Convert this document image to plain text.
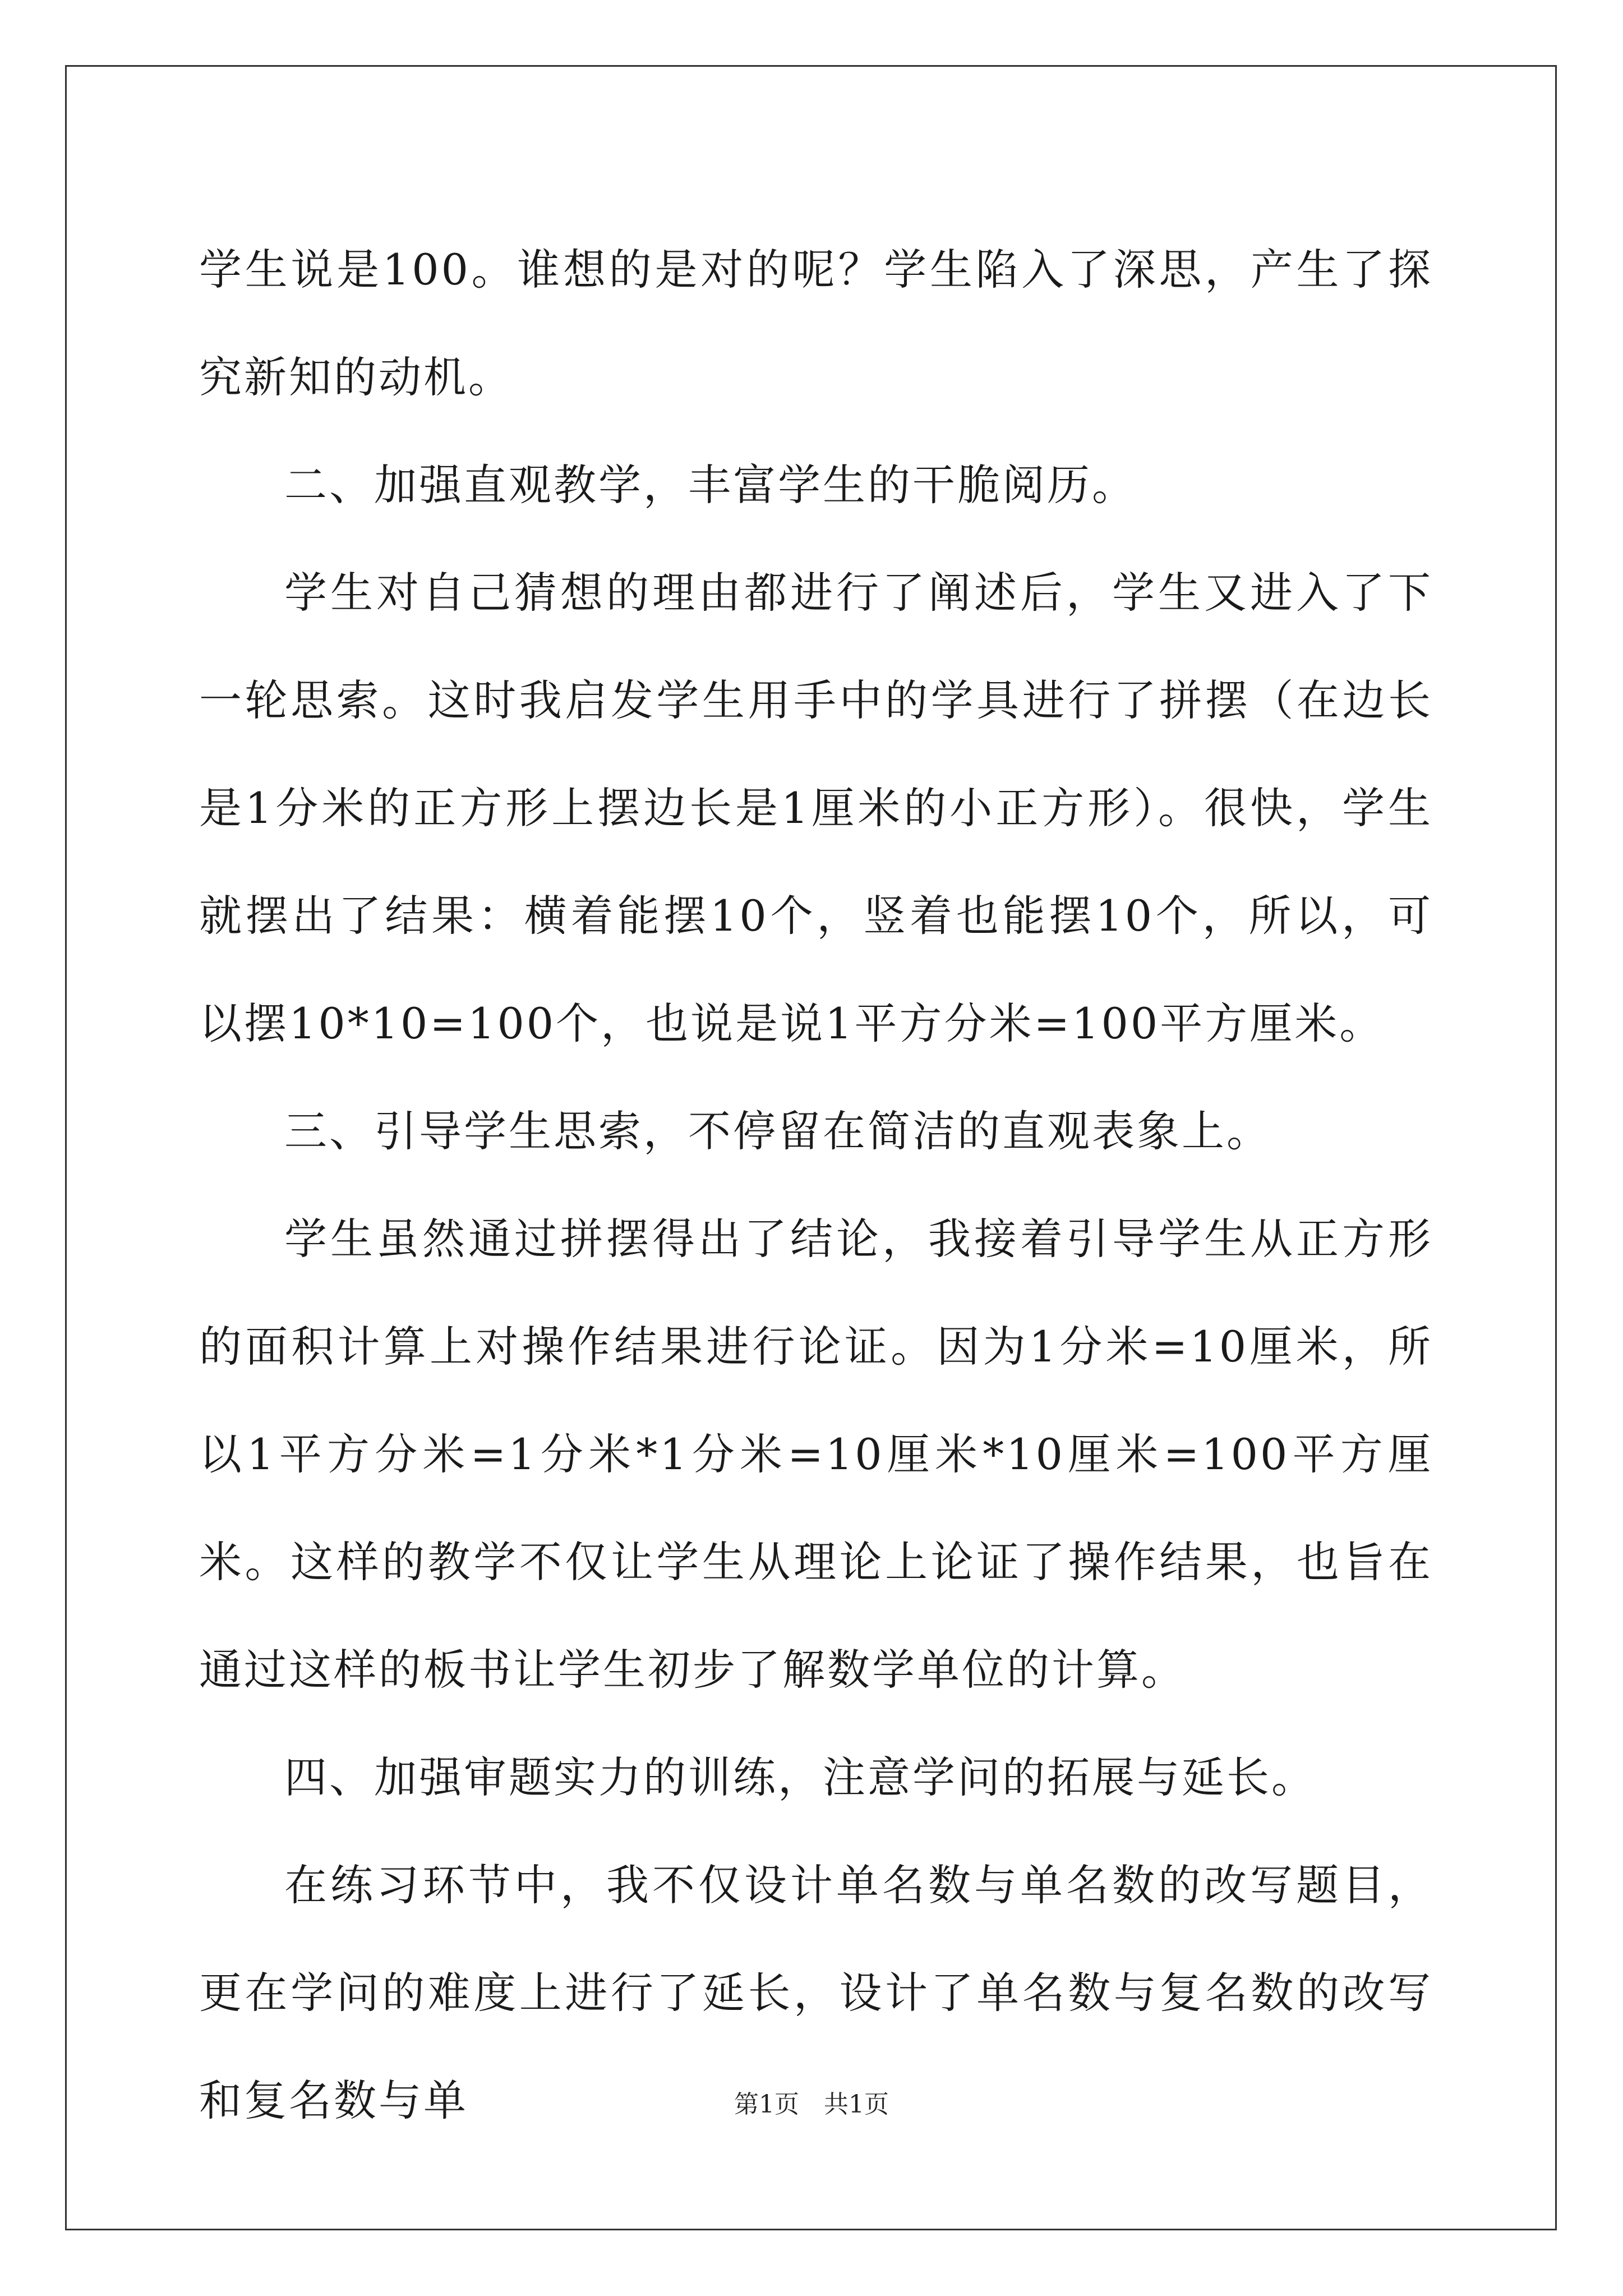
学生说是100。谁想的是对的呢？学生陷入了深思，产生了探究新知的动机。

二、加强直观教学，丰富学生的干脆阅历。

学生对自己猜想的理由都进行了阐述后，学生又进入了下一轮思索。这时我启发学生用手中的学具进行了拼摆（在边长是1分米的正方形上摆边长是1厘米的小正方形）。很快，学生就摆出了结果：横着能摆10个，竖着也能摆10个，所以，可以摆10*10=100个，也说是说1平方分米=100平方厘米。

三、引导学生思索，不停留在简洁的直观表象上。

学生虽然通过拼摆得出了结论，我接着引导学生从正方形的面积计算上对操作结果进行论证。因为1分米=10厘米，所以1平方分米=1分米*1分米=10厘米*10厘米=100平方厘米。这样的教学不仅让学生从理论上论证了操作结果，也旨在通过这样的板书让学生初步了解数学单位的计算。

四、加强审题实力的训练，注意学问的拓展与延长。

在练习环节中，我不仅设计单名数与单名数的改写题目，更在学问的难度上进行了延长，设计了单名数与复名数的改写和复名数与单	第1页　共1页
